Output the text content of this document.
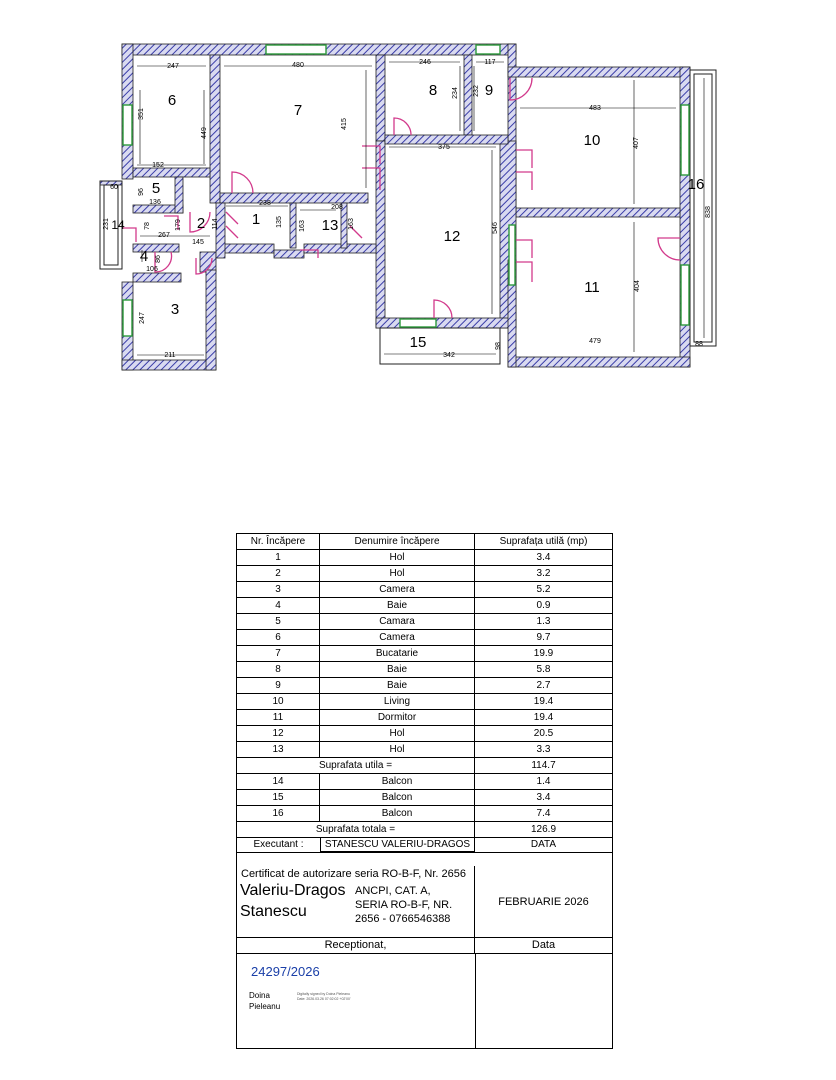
1
2
3
4
5
6
7
8	9
10
11
12
13
14
15
16
247	480	246	117
351
449
415
234 232
483
407
838
152
375
60
96
136
231
238
208
78	179	114	135 163	163	546
267
145
86
106
404
247
211	342
98
479	88
Nr. Încăpere	Denumire încăpere	Suprafața utilă (mp)
Suprafata utila =	114.7
Suprafata totala =	126.9
Executant :	STANESCU VALERIU-DRAGOS	DATA
Certificat de autorizare seria RO-B-F, Nr. 2656
Valeriu-Dragos
Stanescu
ANCPI, CAT. A,
SERIA RO-B-F, NR.
2656 - 0766546388
FEBRUARIE 2026
Receptionat,	Data
24297/2026
Doina
Pieleanu
Digitally signed by Doina Pieleanu Date: 2026.03.26 07:02:02 +02'00'
1	Hol	3.4
2	Hol	3.2
3	Camera	5.2
4	Baie	0.9
5	Camara	1.3
6	Camera	9.7
7	Bucatarie	19.9
8	Baie	5.8
9	Baie	2.7
10	Living	19.4
11	Dormitor	19.4
12	Hol	20.5
13	Hol	3.3
14	Balcon	1.4
15	Balcon	3.4
16	Balcon	7.4
